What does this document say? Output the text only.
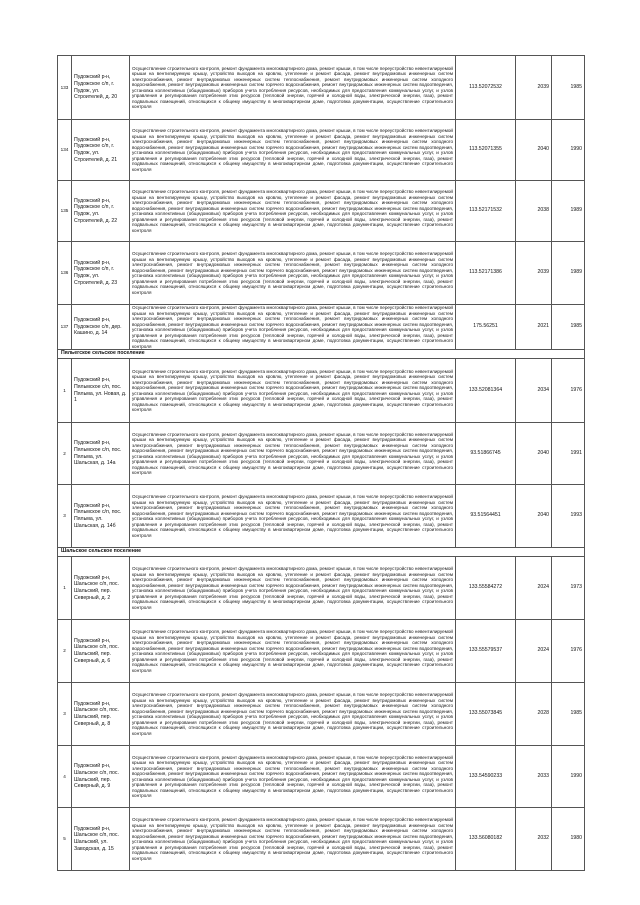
133	Пудожский р-н, Пудожское с/п, г. Пудож, ул. Строителей, д. 20	Осуществление строительного контроля, ремонт фундамента многоквартирного дома, ремонт крыши, в том числе переустройство невентилируемой крыши на вентилируемую крышу, устройство выходов на кровлю, утепление и ремонт фасада, ремонт внутридомовых инженерных систем электроснабжения, ремонт внутридомовых инженерных систем теплоснабжения, ремонт внутридомовых инженерных систем холодного водоснабжения, ремонт внутридомовых инженерных систем горячего водоснабжения, ремонт внутридомовых инженерных систем водоотведения, установка коллективных (общедомовых) приборов учета потребления ресурсов, необходимых для предоставления коммунальных услуг, и узлов управления и регулирования потребления этих ресурсов (тепловой энергии, горячей и холодной воды, электрической энергии, газа), ремонт подвальных помещений, относящихся к общему имуществу в многоквартирном доме, подготовка документации, осуществление строительного контроля	113.52072532	2039	1985
134	Пудожский р-н, Пудожское с/п, г. Пудож, ул. Строителей, д. 21	Осуществление строительного контроля, ремонт фундамента многоквартирного дома, ремонт крыши, в том числе переустройство невентилируемой крыши на вентилируемую крышу, устройство выходов на кровлю, утепление и ремонт фасада, ремонт внутридомовых инженерных систем электроснабжения, ремонт внутридомовых инженерных систем теплоснабжения, ремонт внутридомовых инженерных систем холодного водоснабжения, ремонт внутридомовых инженерных систем горячего водоснабжения, ремонт внутридомовых инженерных систем водоотведения, установка коллективных (общедомовых) приборов учета потребления ресурсов, необходимых для предоставления коммунальных услуг, и узлов управления и регулирования потребления этих ресурсов (тепловой энергии, горячей и холодной воды, электрической энергии, газа), ремонт подвальных помещений, относящихся к общему имуществу в многоквартирном доме, подготовка документации, осуществление строительного контроля	113.52071355	2040	1990
135	Пудожский р-н, Пудожское с/п, г. Пудож, ул. Строителей, д. 22	Осуществление строительного контроля, ремонт фундамента многоквартирного дома, ремонт крыши, в том числе переустройство невентилируемой крыши на вентилируемую крышу, устройство выходов на кровлю, утепление и ремонт фасада, ремонт внутридомовых инженерных систем электроснабжения, ремонт внутридомовых инженерных систем теплоснабжения, ремонт внутридомовых инженерных систем холодного водоснабжения, ремонт внутридомовых инженерных систем горячего водоснабжения, ремонт внутридомовых инженерных систем водоотведения, установка коллективных (общедомовых) приборов учета потребления ресурсов, необходимых для предоставления коммунальных услуг, и узлов управления и регулирования потребления этих ресурсов (тепловой энергии, горячей и холодной воды, электрической энергии, газа), ремонт подвальных помещений, относящихся к общему имуществу в многоквартирном доме, подготовка документации, осуществление строительного контроля	113.52171532	2038	1989
136	Пудожский р-н, Пудожское с/п, г. Пудож, ул. Строителей, д. 23	Осуществление строительного контроля, ремонт фундамента многоквартирного дома, ремонт крыши, в том числе переустройство невентилируемой крыши на вентилируемую крышу, устройство выходов на кровлю, утепление и ремонт фасада, ремонт внутридомовых инженерных систем электроснабжения, ремонт внутридомовых инженерных систем теплоснабжения, ремонт внутридомовых инженерных систем холодного водоснабжения, ремонт внутридомовых инженерных систем горячего водоснабжения, ремонт внутридомовых инженерных систем водоотведения, установка коллективных (общедомовых) приборов учета потребления ресурсов, необходимых для предоставления коммунальных услуг, и узлов управления и регулирования потребления этих ресурсов (тепловой энергии, горячей и холодной воды, электрической энергии, газа), ремонт подвальных помещений, относящихся к общему имуществу в многоквартирном доме, подготовка документации, осуществление строительного контроля	113.52171386	2039	1989
137	Пудожский р-н, Пудожское с/п, дер. Кашино, д. 14	Осуществление строительного контроля, ремонт фундамента многоквартирного дома, ремонт крыши, в том числе переустройство невентилируемой крыши на вентилируемую крышу, устройство выходов на кровлю, утепление и ремонт фасада, ремонт внутридомовых инженерных систем электроснабжения, ремонт внутридомовых инженерных систем теплоснабжения, ремонт внутридомовых инженерных систем холодного водоснабжения, ремонт внутридомовых инженерных систем горячего водоснабжения, ремонт внутридомовых инженерных систем водоотведения, установка коллективных (общедомовых) приборов учета потребления ресурсов, необходимых для предоставления коммунальных услуг, и узлов управления и регулирования потребления этих ресурсов (тепловой энергии, горячей и холодной воды, электрической энергии, газа), ремонт подвальных помещений, относящихся к общему имуществу в многоквартирном доме, подготовка документации, осуществление строительного контроля	175.56251	2021	1985
Пяльегское сельское поселение					
1	Пудожский р-н, Пяльмское с/п, пос. Пяльма, ул. Новая, д. 1	Осуществление строительного контроля, ремонт фундамента многоквартирного дома, ремонт крыши, в том числе переустройство невентилируемой крыши на вентилируемую крышу, устройство выходов на кровлю, утепление и ремонт фасада, ремонт внутридомовых инженерных систем электроснабжения, ремонт внутридомовых инженерных систем теплоснабжения, ремонт внутридомовых инженерных систем холодного водоснабжения, ремонт внутридомовых инженерных систем горячего водоснабжения, ремонт внутридомовых инженерных систем водоотведения, установка коллективных (общедомовых) приборов учета потребления ресурсов, необходимых для предоставления коммунальных услуг, и узлов управления и регулирования потребления этих ресурсов (тепловой энергии, горячей и холодной воды, электрической энергии, газа), ремонт подвальных помещений, относящихся к общему имуществу в многоквартирном доме, подготовка документации, осуществление строительного контроля	133.52081364	2034	1976
2	Пудожский р-н, Пяльмское с/п, пос. Пяльма, ул. Шальская, д. 14а	Осуществление строительного контроля, ремонт фундамента многоквартирного дома, ремонт крыши, в том числе переустройство невентилируемой крыши на вентилируемую крышу, устройство выходов на кровлю, утепление и ремонт фасада, ремонт внутридомовых инженерных систем электроснабжения, ремонт внутридомовых инженерных систем теплоснабжения, ремонт внутридомовых инженерных систем холодного водоснабжения, ремонт внутридомовых инженерных систем горячего водоснабжения, ремонт внутридомовых инженерных систем водоотведения, установка коллективных (общедомовых) приборов учета потребления ресурсов, необходимых для предоставления коммунальных услуг, и узлов управления и регулирования потребления этих ресурсов (тепловой энергии, горячей и холодной воды, электрической энергии, газа), ремонт подвальных помещений, относящихся к общему имуществу в многоквартирном доме, подготовка документации, осуществление строительного контроля	93.51866745	2040	1991
3	Пудожский р-н, Пяльмское с/п, пос. Пяльма, ул. Шальская, д. 14б	Осуществление строительного контроля, ремонт фундамента многоквартирного дома, ремонт крыши, в том числе переустройство невентилируемой крыши на вентилируемую крышу, устройство выходов на кровлю, утепление и ремонт фасада, ремонт внутридомовых инженерных систем электроснабжения, ремонт внутридомовых инженерных систем теплоснабжения, ремонт внутридомовых инженерных систем холодного водоснабжения, ремонт внутридомовых инженерных систем горячего водоснабжения, ремонт внутридомовых инженерных систем водоотведения, установка коллективных (общедомовых) приборов учета потребления ресурсов, необходимых для предоставления коммунальных услуг, и узлов управления и регулирования потребления этих ресурсов (тепловой энергии, горячей и холодной воды, электрической энергии, газа), ремонт подвальных помещений, относящихся к общему имуществу в многоквартирном доме, подготовка документации, осуществление строительного контроля	93.51564451	2040	1993
Шальское сельское поселение					
1	Пудожский р-н, Шальское с/п, пос. Шальский, пер. Северный, д. 2	Осуществление строительного контроля, ремонт фундамента многоквартирного дома, ремонт крыши, в том числе переустройство невентилируемой крыши на вентилируемую крышу, устройство выходов на кровлю, утепление и ремонт фасада, ремонт внутридомовых инженерных систем электроснабжения, ремонт внутридомовых инженерных систем теплоснабжения, ремонт внутридомовых инженерных систем холодного водоснабжения, ремонт внутридомовых инженерных систем горячего водоснабжения, ремонт внутридомовых инженерных систем водоотведения, установка коллективных (общедомовых) приборов учета потребления ресурсов, необходимых для предоставления коммунальных услуг, и узлов управления и регулирования потребления этих ресурсов (тепловой энергии, горячей и холодной воды, электрической энергии, газа), ремонт подвальных помещений, относящихся к общему имуществу в многоквартирном доме, подготовка документации, осуществление строительного контроля	133.55584272	2024	1973
2	Пудожский р-н, Шальское с/п, пос. Шальский, пер. Северный, д. 6	Осуществление строительного контроля, ремонт фундамента многоквартирного дома, ремонт крыши, в том числе переустройство невентилируемой крыши на вентилируемую крышу, устройство выходов на кровлю, утепление и ремонт фасада, ремонт внутридомовых инженерных систем электроснабжения, ремонт внутридомовых инженерных систем теплоснабжения, ремонт внутридомовых инженерных систем холодного водоснабжения, ремонт внутридомовых инженерных систем горячего водоснабжения, ремонт внутридомовых инженерных систем водоотведения, установка коллективных (общедомовых) приборов учета потребления ресурсов, необходимых для предоставления коммунальных услуг, и узлов управления и регулирования потребления этих ресурсов (тепловой энергии, горячей и холодной воды, электрической энергии, газа), ремонт подвальных помещений, относящихся к общему имуществу в многоквартирном доме, подготовка документации, осуществление строительного контроля	133.55579537	2024	1976
3	Пудожский р-н, Шальское с/п, пос. Шальский, пер. Северный, д. 8	Осуществление строительного контроля, ремонт фундамента многоквартирного дома, ремонт крыши, в том числе переустройство невентилируемой крыши на вентилируемую крышу, устройство выходов на кровлю, утепление и ремонт фасада, ремонт внутридомовых инженерных систем электроснабжения, ремонт внутридомовых инженерных систем теплоснабжения, ремонт внутридомовых инженерных систем холодного водоснабжения, ремонт внутридомовых инженерных систем горячего водоснабжения, ремонт внутридомовых инженерных систем водоотведения, установка коллективных (общедомовых) приборов учета потребления ресурсов, необходимых для предоставления коммунальных услуг, и узлов управления и регулирования потребления этих ресурсов (тепловой энергии, горячей и холодной воды, электрической энергии, газа), ремонт подвальных помещений, относящихся к общему имуществу в многоквартирном доме, подготовка документации, осуществление строительного контроля	133.55073845	2028	1985
4	Пудожский р-н, Шальское с/п, пос. Шальский, пер. Северный, д. 9	Осуществление строительного контроля, ремонт фундамента многоквартирного дома, ремонт крыши, в том числе переустройство невентилируемой крыши на вентилируемую крышу, устройство выходов на кровлю, утепление и ремонт фасада, ремонт внутридомовых инженерных систем электроснабжения, ремонт внутридомовых инженерных систем теплоснабжения, ремонт внутридомовых инженерных систем холодного водоснабжения, ремонт внутридомовых инженерных систем горячего водоснабжения, ремонт внутридомовых инженерных систем водоотведения, установка коллективных (общедомовых) приборов учета потребления ресурсов, необходимых для предоставления коммунальных услуг, и узлов управления и регулирования потребления этих ресурсов (тепловой энергии, горячей и холодной воды, электрической энергии, газа), ремонт подвальных помещений, относящихся к общему имуществу в многоквартирном доме, подготовка документации, осуществление строительного контроля	133.54590233	2033	1990
5	Пудожский р-н, Шальское с/п, пос. Шальский, ул. Заводская, д. 15	Осуществление строительного контроля, ремонт фундамента многоквартирного дома, ремонт крыши, в том числе переустройство невентилируемой крыши на вентилируемую крышу, устройство выходов на кровлю, утепление и ремонт фасада, ремонт внутридомовых инженерных систем электроснабжения, ремонт внутридомовых инженерных систем теплоснабжения, ремонт внутридомовых инженерных систем холодного водоснабжения, ремонт внутридомовых инженерных систем горячего водоснабжения, ремонт внутридомовых инженерных систем водоотведения, установка коллективных (общедомовых) приборов учета потребления ресурсов, необходимых для предоставления коммунальных услуг, и узлов управления и регулирования потребления этих ресурсов (тепловой энергии, горячей и холодной воды, электрической энергии, газа), ремонт подвальных помещений, относящихся к общему имуществу в многоквартирном доме, подготовка документации, осуществление строительного контроля	133.56080182	2032	1980
